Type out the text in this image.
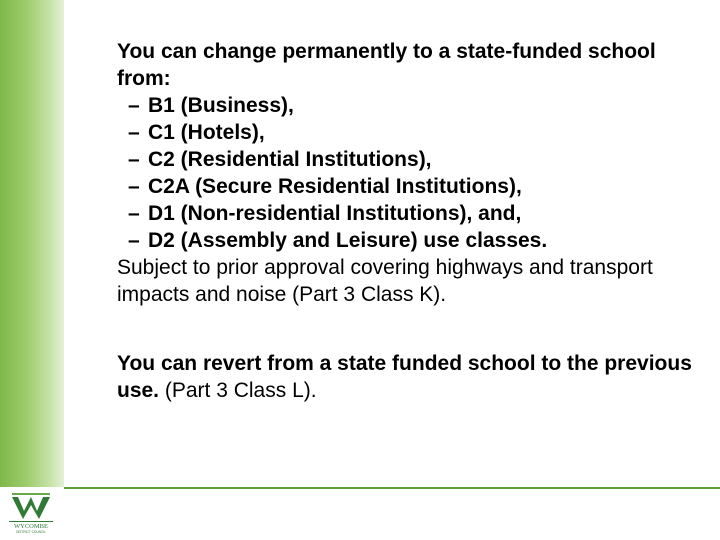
WYCOMBE
DISTRICT COUNCIL

You can change permanently to a state-funded school from:

– B1 (Business),
– C1 (Hotels),
– C2 (Residential Institutions),
– C2A (Secure Residential Institutions),
– D1 (Non-residential Institutions), and,
– D2 (Assembly and Leisure) use classes.

Subject to prior approval covering highways and transport impacts and noise (Part 3 Class K).

You can revert from a state funded school to the previous use. (Part 3 Class L).
